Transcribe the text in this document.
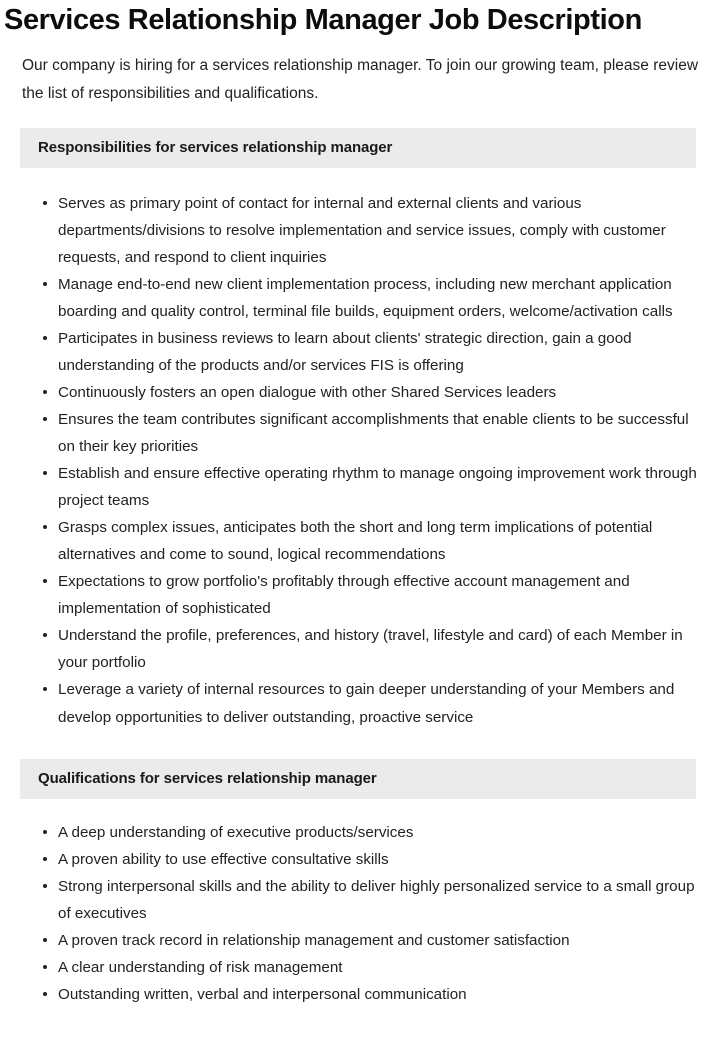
Services Relationship Manager Job Description

Our company is hiring for a services relationship manager. To join our growing team, please review the list of responsibilities and qualifications.

Responsibilities for services relationship manager
Serves as primary point of contact for internal and external clients and various departments/divisions to resolve implementation and service issues, comply with customer requests, and respond to client inquiries
Manage end-to-end new client implementation process, including new merchant application boarding and quality control, terminal file builds, equipment orders, welcome/activation calls
Participates in business reviews to learn about clients' strategic direction, gain a good understanding of the products and/or services FIS is offering
Continuously fosters an open dialogue with other Shared Services leaders
Ensures the team contributes significant accomplishments that enable clients to be successful on their key priorities
Establish and ensure effective operating rhythm to manage ongoing improvement work through project teams
Grasps complex issues, anticipates both the short and long term implications of potential alternatives and come to sound, logical recommendations
Expectations to grow portfolio's profitably through effective account management and implementation of sophisticated
Understand the profile, preferences, and history (travel, lifestyle and card) of each Member in your portfolio
Leverage a variety of internal resources to gain deeper understanding of your Members and develop opportunities to deliver outstanding, proactive service
Qualifications for services relationship manager
A deep understanding of executive products/services
A proven ability to use effective consultative skills
Strong interpersonal skills and the ability to deliver highly personalized service to a small group of executives
A proven track record in relationship management and customer satisfaction
A clear understanding of risk management
Outstanding written, verbal and interpersonal communication
